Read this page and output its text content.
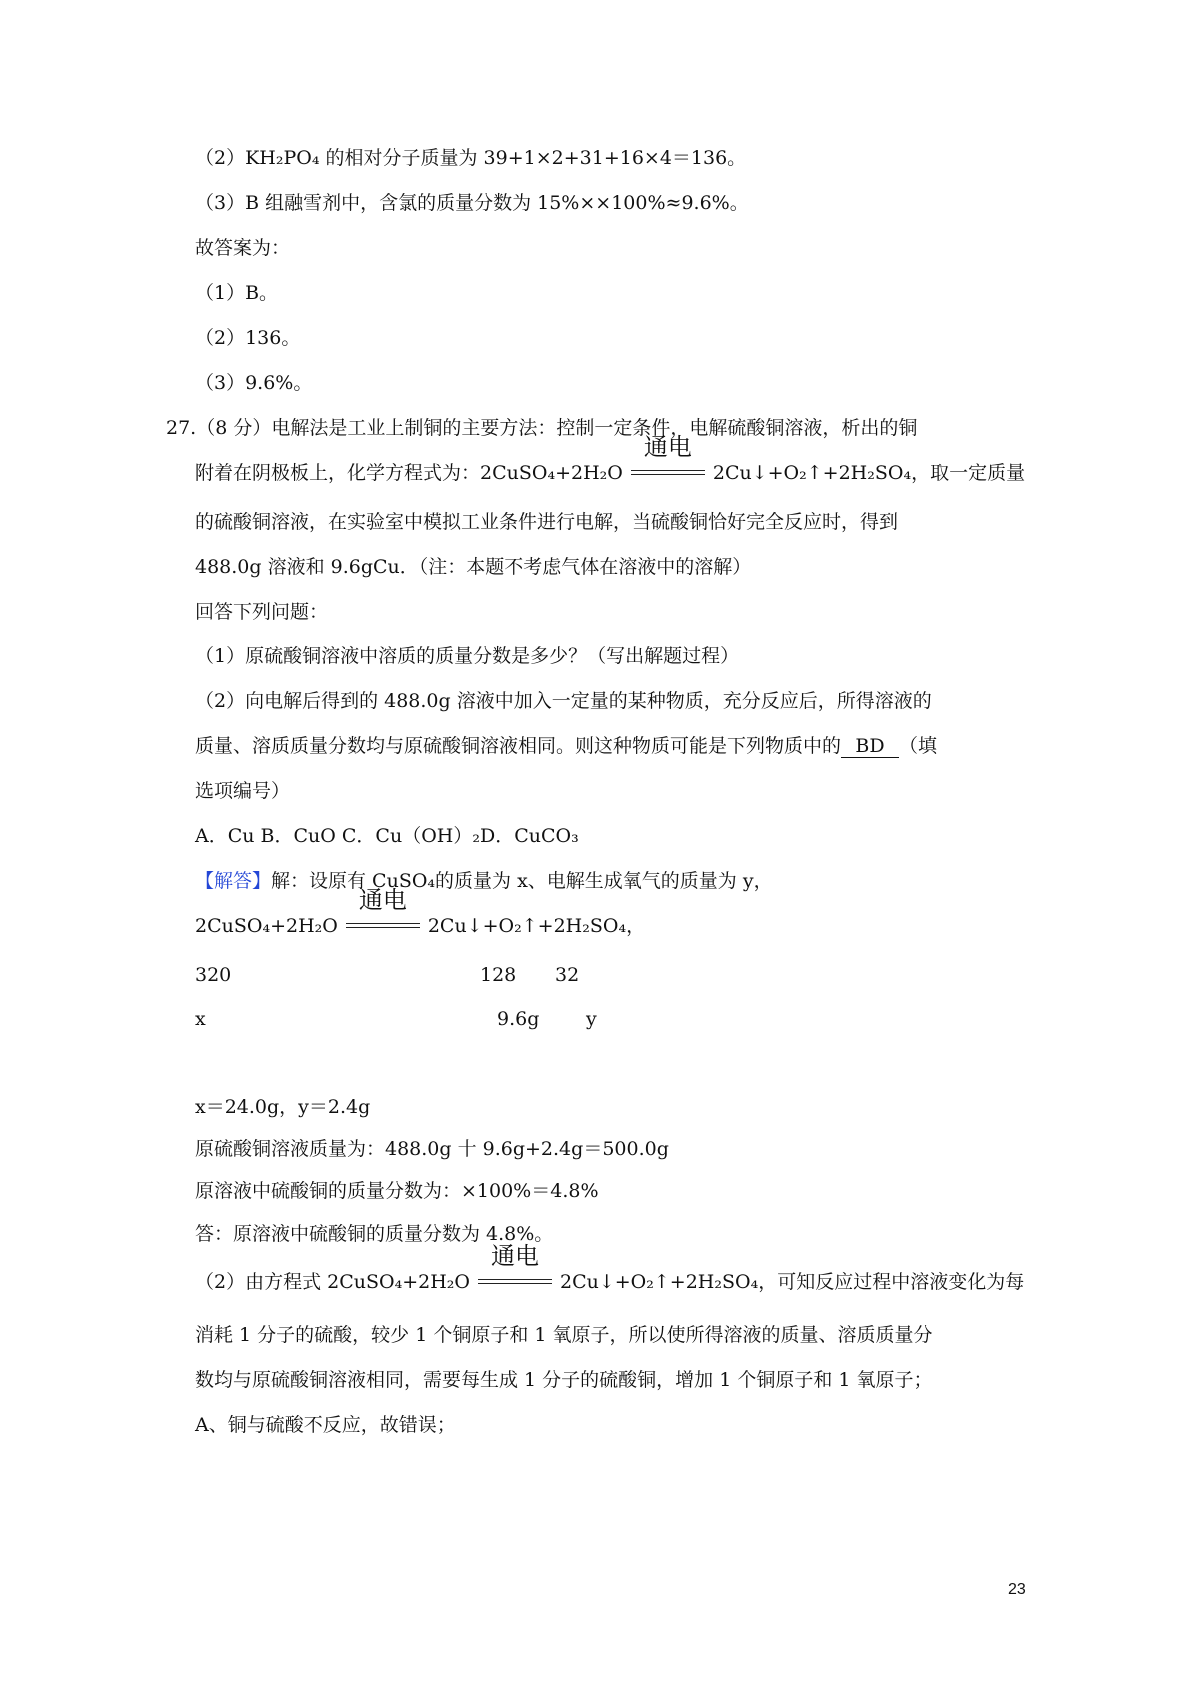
（2）KH₂PO₄ 的相对分子质量为 39+1×2+31+16×4＝136。
（3）B 组融雪剂中，含氯的质量分数为 15%××100%≈9.6%。
故答案为：
（1）B。
（2）136。
（3）9.6%。
27.（8 分）电解法是工业上制铜的主要方法：控制一定条件，电解硫酸铜溶液，析出的铜
附着在阴极板上，化学方程式为：2CuSO₄+2H₂O
通电
2Cu↓+O₂↑+2H₂SO₄，取一定质量
的硫酸铜溶液，在实验室中模拟工业条件进行电解，当硫酸铜恰好完全反应时，得到
488.0g 溶液和 9.6gCu．（注：本题不考虑气体在溶液中的溶解）
回答下列问题：
（1）原硫酸铜溶液中溶质的质量分数是多少？（写出解题过程）
（2）向电解后得到的 488.0g 溶液中加入一定量的某种物质，充分反应后，所得溶液的
质量、溶质质量分数均与原硫酸铜溶液相同。则这种物质可能是下列物质中的 BD （填
选项编号）
A．Cu B．CuO C．Cu（OH）₂D．CuCO₃
【解答】解：设原有 CuSO₄的质量为 x、电解生成氧气的质量为 y，
2CuSO₄+2H₂O
通电
2Cu↓+O₂↑+2H₂SO₄，
320	128 32
x	9.6g y
x＝24.0g，y＝2.4g
原硫酸铜溶液质量为：488.0g 十 9.6g+2.4g＝500.0g
原溶液中硫酸铜的质量分数为：×100%＝4.8%
答：原溶液中硫酸铜的质量分数为 4.8%。
（2）由方程式 2CuSO₄+2H₂O
通电
2Cu↓+O₂↑+2H₂SO₄，可知反应过程中溶液变化为每
消耗 1 分子的硫酸，较少 1 个铜原子和 1 氧原子，所以使所得溶液的质量、溶质质量分
数均与原硫酸铜溶液相同，需要每生成 1 分子的硫酸铜，增加 1 个铜原子和 1 氧原子；
A、铜与硫酸不反应，故错误；
23
